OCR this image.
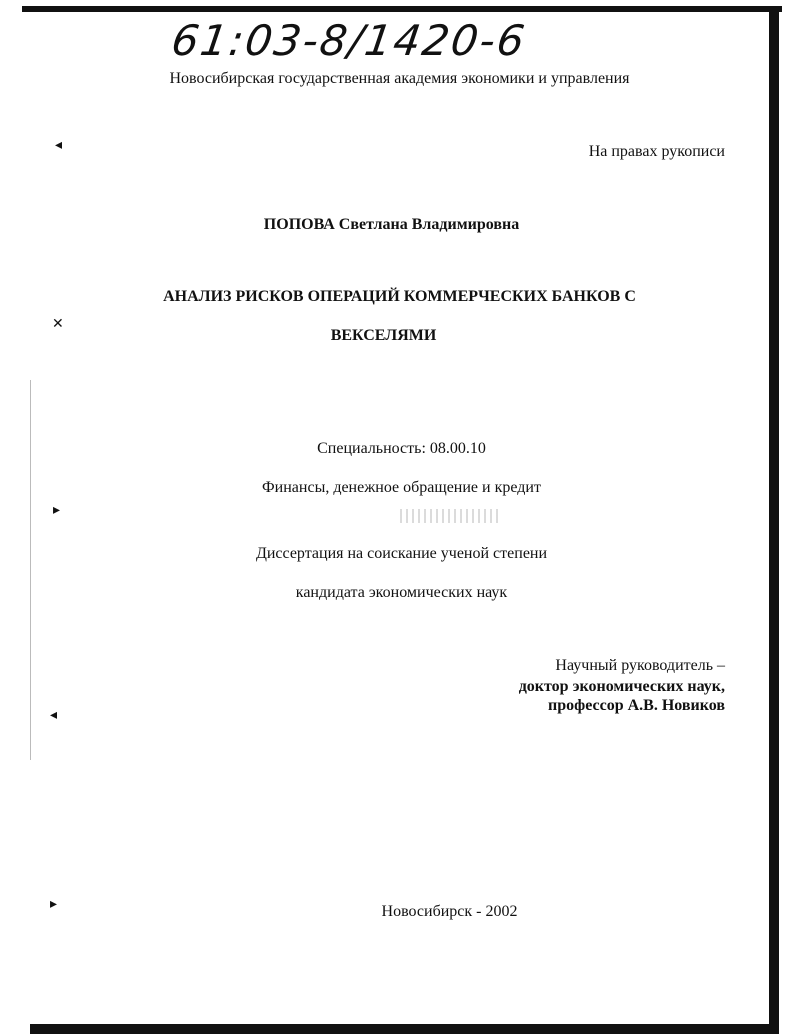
61:03-8/1420-6
Новосибирская государственная академия экономики и управления
На правах рукописи
ПОПОВА Светлана Владимировна
АНАЛИЗ РИСКОВ ОПЕРАЦИЙ КОММЕРЧЕСКИХ БАНКОВ С
ВЕКСЕЛЯМИ
Специальность: 08.00.10
Финансы, денежное обращение и кредит
Диссертация на соискание ученой степени
кандидата экономических наук
Научный руководитель –
доктор экономических наук,
профессор А.В. Новиков
Новосибирск - 2002
◂
✕
▸
◂
▸
